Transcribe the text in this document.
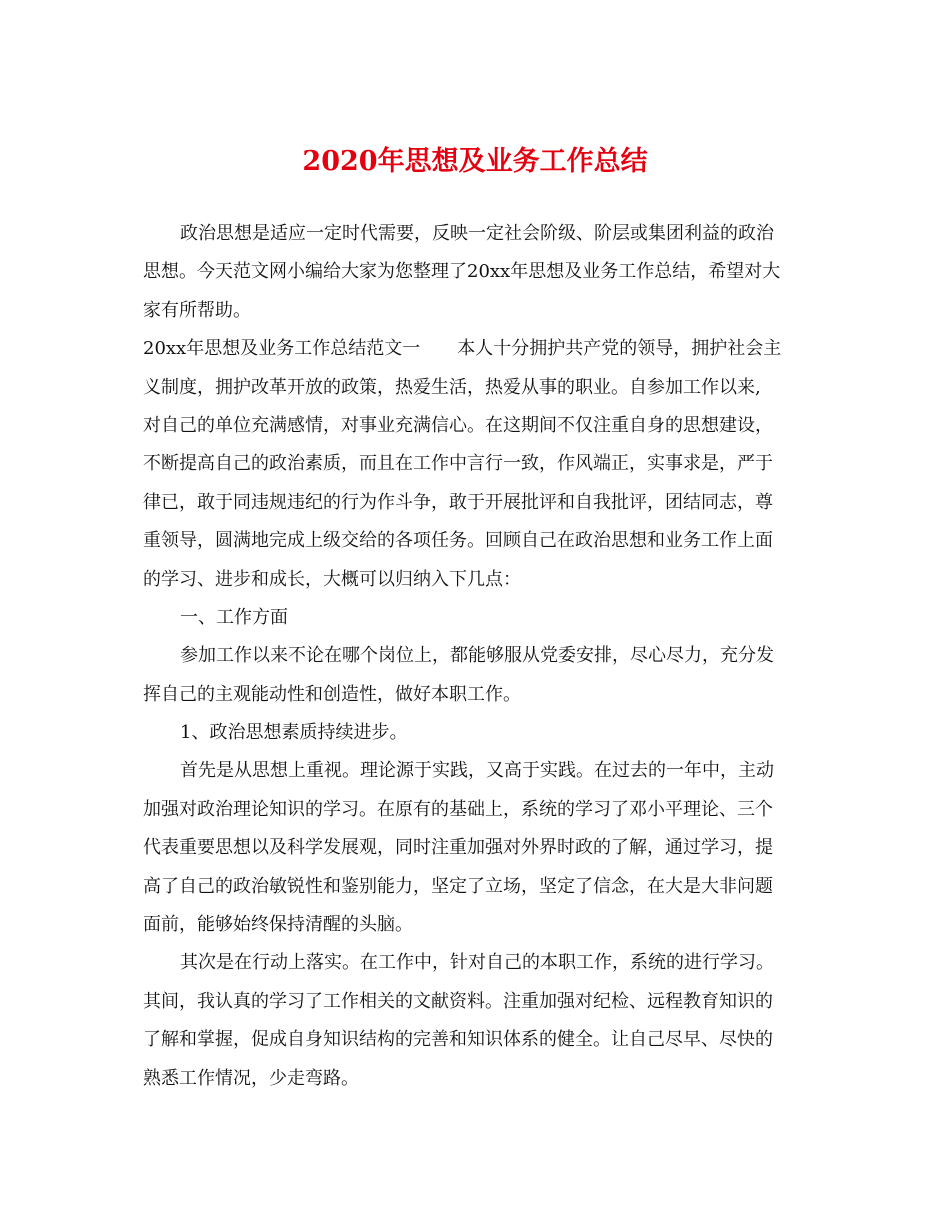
2020年思想及业务工作总结
政治思想是适应一定时代需要，反映一定社会阶级、阶层或集团利益的政治
思想。今天范文网小编给大家为您整理了20xx年思想及业务工作总结，希望对大
家有所帮助。
20xx年思想及业务工作总结范文一 本人十分拥护共产党的领导，拥护社会主
义制度，拥护改革开放的政策，热爱生活，热爱从事的职业。自参加工作以来,
对自己的单位充满感情，对事业充满信心。在这期间不仅注重自身的思想建设，
不断提高自己的政治素质，而且在工作中言行一致，作风端正，实事求是，严于
律已，敢于同违规违纪的行为作斗争，敢于开展批评和自我批评，团结同志，尊
重领导，圆满地完成上级交给的各项任务。回顾自己在政治思想和业务工作上面
的学习、进步和成长，大概可以归纳入下几点：
一、工作方面
参加工作以来不论在哪个岗位上，都能够服从党委安排，尽心尽力，充分发
挥自己的主观能动性和创造性，做好本职工作。
1、政治思想素质持续进步。
首先是从思想上重视。理论源于实践，又高于实践。在过去的一年中，主动
加强对政治理论知识的学习。在原有的基础上，系统的学习了邓小平理论、三个
代表重要思想以及科学发展观，同时注重加强对外界时政的了解，通过学习，提
高了自己的政治敏锐性和鉴别能力，坚定了立场，坚定了信念，在大是大非问题
面前，能够始终保持清醒的头脑。
其次是在行动上落实。在工作中，针对自己的本职工作，系统的进行学习。
其间，我认真的学习了工作相关的文献资料。注重加强对纪检、远程教育知识的
了解和掌握，促成自身知识结构的完善和知识体系的健全。让自己尽早、尽快的
熟悉工作情况，少走弯路。
